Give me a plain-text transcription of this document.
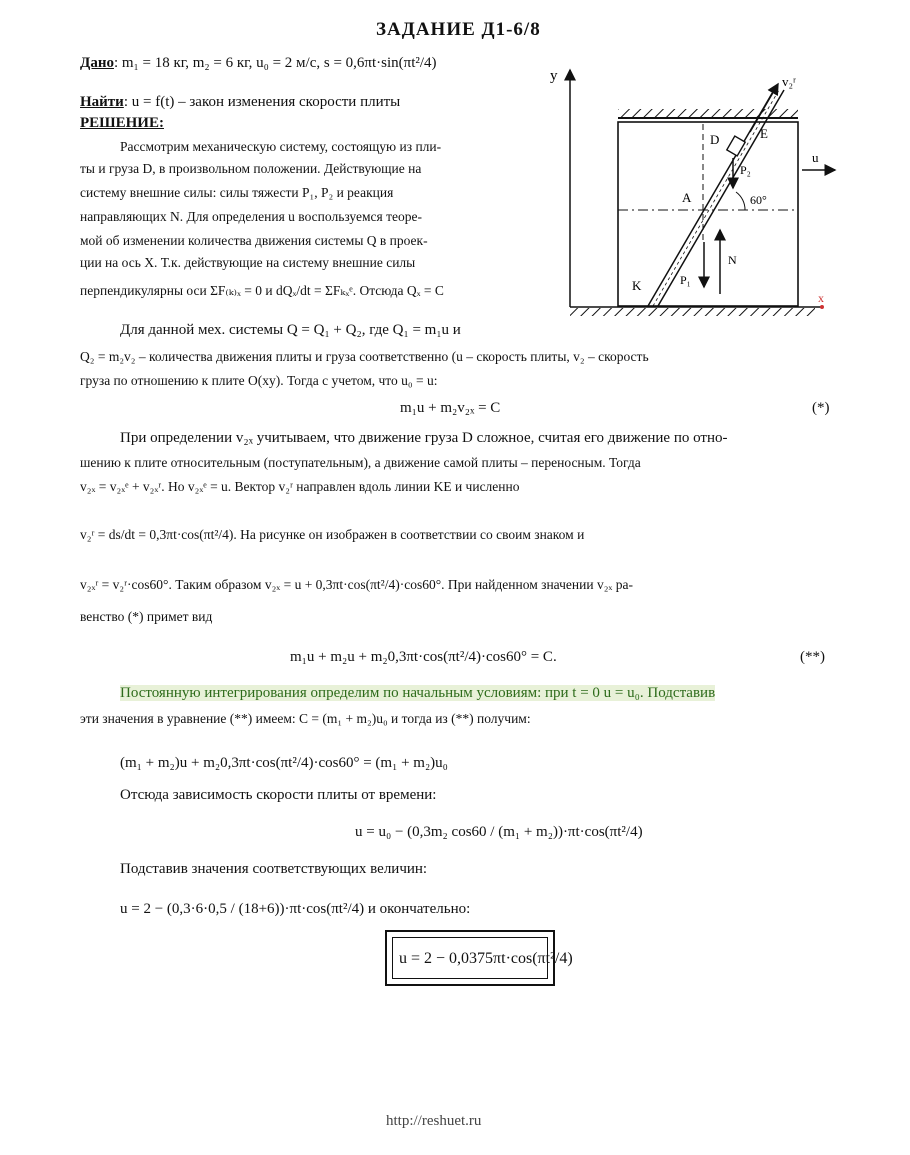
ЗАДАНИЕ Д1-6/8
Дано: m₁ = 18 кг, m₂ = 6 кг, u₀ = 2 м/с, s = 0,6πt·sin(πt²/4)
Найти: u = f(t) – закон изменения скорости плиты
РЕШЕНИЕ:
Рассмотрим механическую систему, состоящую из пли-
ты и груза D, в произвольном положении. Действующие на
систему внешние силы: силы тяжести P₁, P₂ и реакция
направляющих N. Для определения u воспользуемся теоре-
мой об изменении количества движения системы Q в проек-
ции на ось X. Т.к. действующие на систему внешние силы
перпендикулярны оси ΣF₍ₖ₎ₓ = 0 и dQₓ/dt = ΣFₖₓᵉ. Отсюда Qₓ = C
Для данной мех. системы Q = Q₁ + Q₂, где Q₁ = m₁u и
Q₂ = m₂v₂ – количества движения плиты и груза соответственно (u – скорость плиты, v₂ – скорость
груза по отношению к плите O(xy). Тогда с учетом, что u₀ = u:
m₁u + m₂v₂ₓ = C	(*)
При определении v₂ₓ учитываем, что движение груза D сложное, считая его движение по отно-
шению к плите относительным (поступательным), а движение самой плиты – переносным. Тогда
v₂ₓ = v₂ₓᵉ + v₂ₓʳ. Но v₂ₓᵉ = u. Вектор v₂ʳ направлен вдоль линии KE и численно
v₂ʳ = ds/dt = 0,3πt·cos(πt²/4). На рисунке он изображен в соответствии со своим знаком и
v₂ₓʳ = v₂ʳ·cos60°. Таким образом v₂ₓ = u + 0,3πt·cos(πt²/4)·cos60°. При найденном значении v₂ₓ ра-
венство (*) примет вид
m₁u + m₂u + m₂0,3πt·cos(πt²/4)·cos60° = C.	(**)
Постоянную интегрирования определим по начальным условиям: при t = 0 u = u₀. Подставив
эти значения в уравнение (**) имеем: C = (m₁ + m₂)u₀ и тогда из (**) получим:
(m₁ + m₂)u + m₂0,3πt·cos(πt²/4)·cos60° = (m₁ + m₂)u₀
Отсюда зависимость скорости плиты от времени:
u = u₀ − (0,3m₂ cos60 / (m₁ + m₂))·πt·cos(πt²/4)
Подставив значения соответствующих величин:
u = 2 − (0,3·6·0,5 / (18+6))·πt·cos(πt²/4) и окончательно:
u = 2 − 0,0375πt·cos(πt²/4)
http://reshuet.ru
y
x
v₂ʳ
D	E
A
K
P₂
60°
P₁
N
u
